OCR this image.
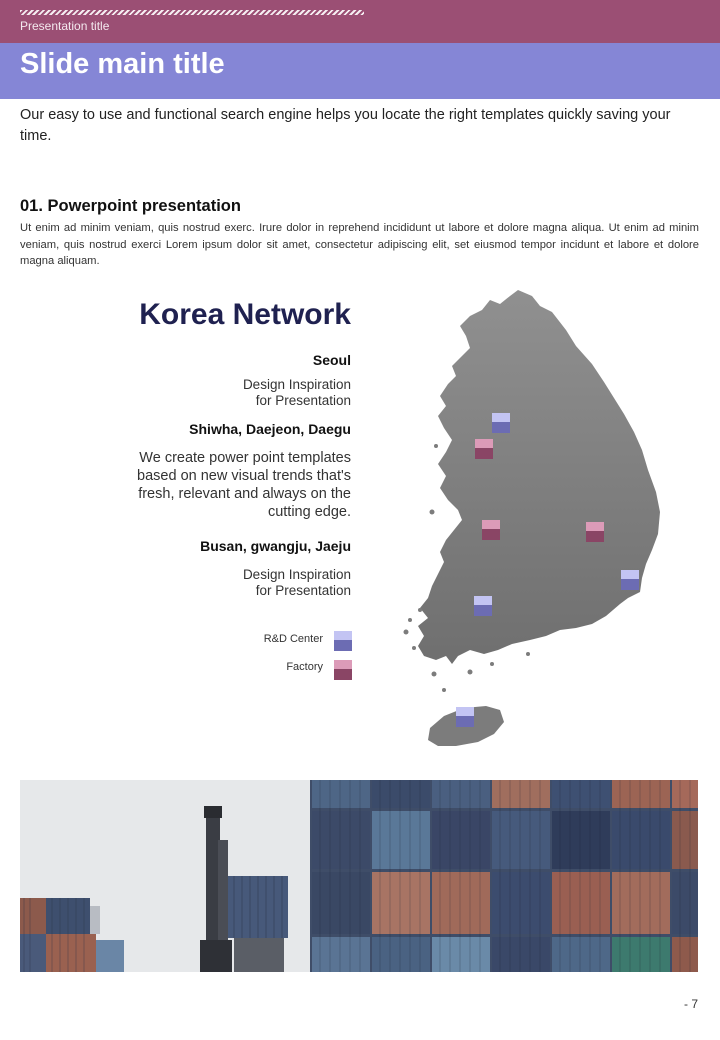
Presentation title
Slide main title
Our easy to use and functional search engine helps you locate the right templates quickly saving your time.
01. Powerpoint presentation
Ut enim ad minim veniam, quis nostrud exerc. Irure dolor in reprehend incididunt ut labore et dolore magna aliqua. Ut enim ad minim veniam, quis nostrud exerci Lorem ipsum dolor sit amet, consectetur adipiscing elit, set eiusmod tempor incidunt et labore et dolore magna aliquam.
Korea Network
Seoul
Design Inspiration
for Presentation
Shiwha, Daejeon, Daegu
We create power point templates based on new visual trends that's fresh, relevant and always on the cutting edge.
Busan, gwangju, Jaeju
Design Inspiration
for Presentation
R&D Center
Factory
- 7
